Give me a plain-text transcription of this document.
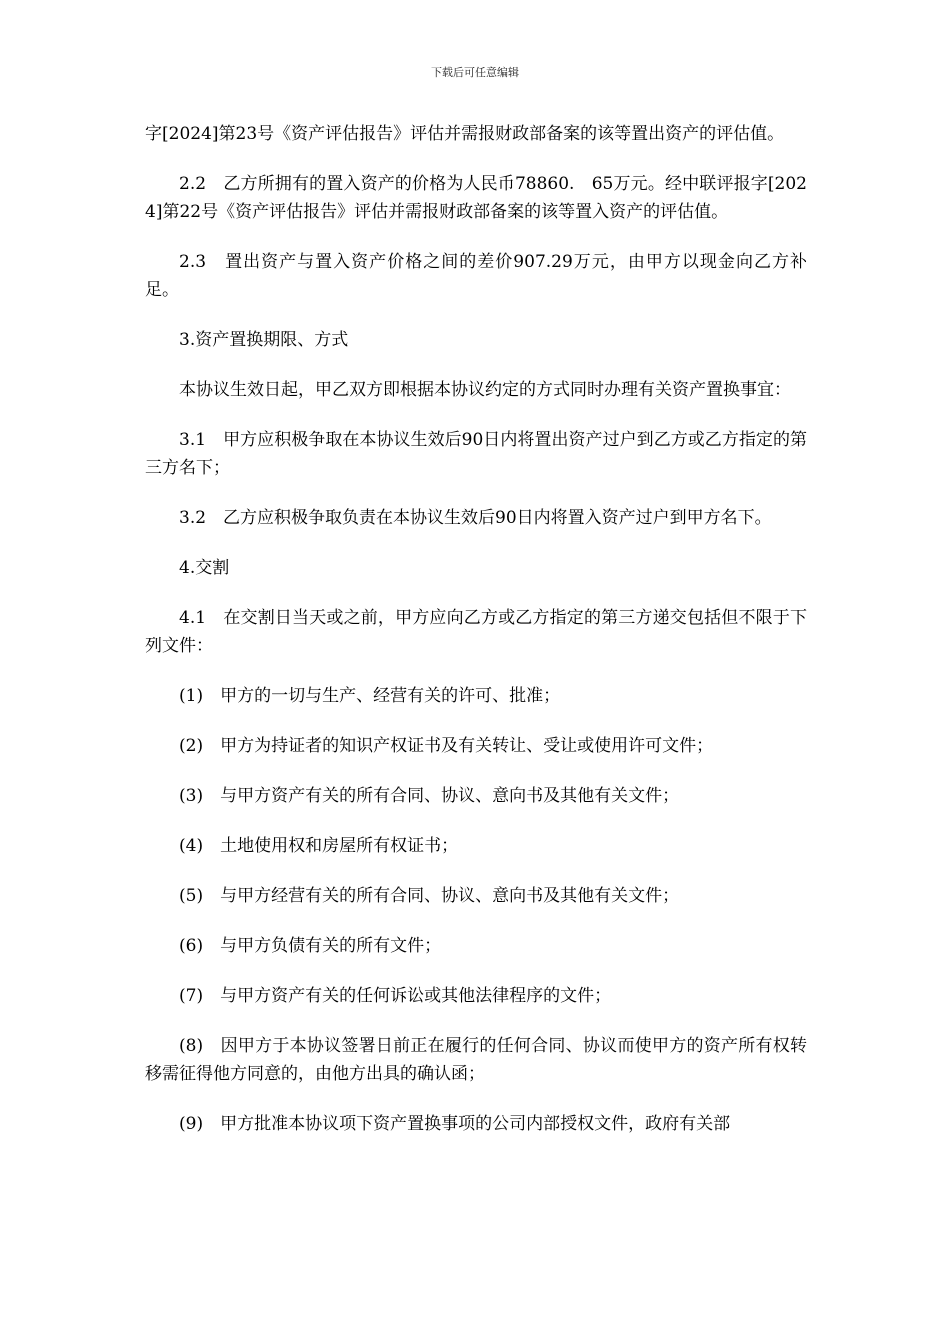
下载后可任意编辑

字[2024]第23号《资产评估报告》评估并需报财政部备案的该等置出资产的评估值。

2.2　乙方所拥有的置入资产的价格为人民币78860.　65万元。经中联评报字[2024]第22号《资产评估报告》评估并需报财政部备案的该等置入资产的评估值。

2.3　置出资产与置入资产价格之间的差价907.29万元，由甲方以现金向乙方补足。

3.资产置换期限、方式

本协议生效日起，甲乙双方即根据本协议约定的方式同时办理有关资产置换事宜：

3.1　甲方应积极争取在本协议生效后90日内将置出资产过户到乙方或乙方指定的第三方名下；

3.2　乙方应积极争取负责在本协议生效后90日内将置入资产过户到甲方名下。

4.交割

4.1　在交割日当天或之前，甲方应向乙方或乙方指定的第三方递交包括但不限于下列文件：

(1)　甲方的一切与生产、经营有关的许可、批准；

(2)　甲方为持证者的知识产权证书及有关转让、受让或使用许可文件；

(3)　与甲方资产有关的所有合同、协议、意向书及其他有关文件；

(4)　土地使用权和房屋所有权证书；

(5)　与甲方经营有关的所有合同、协议、意向书及其他有关文件；

(6)　与甲方负债有关的所有文件；

(7)　与甲方资产有关的任何诉讼或其他法律程序的文件；

(8)　因甲方于本协议签署日前正在履行的任何合同、协议而使甲方的资产所有权转移需征得他方同意的，由他方出具的确认函；

(9)　甲方批准本协议项下资产置换事项的公司内部授权文件，政府有关部
